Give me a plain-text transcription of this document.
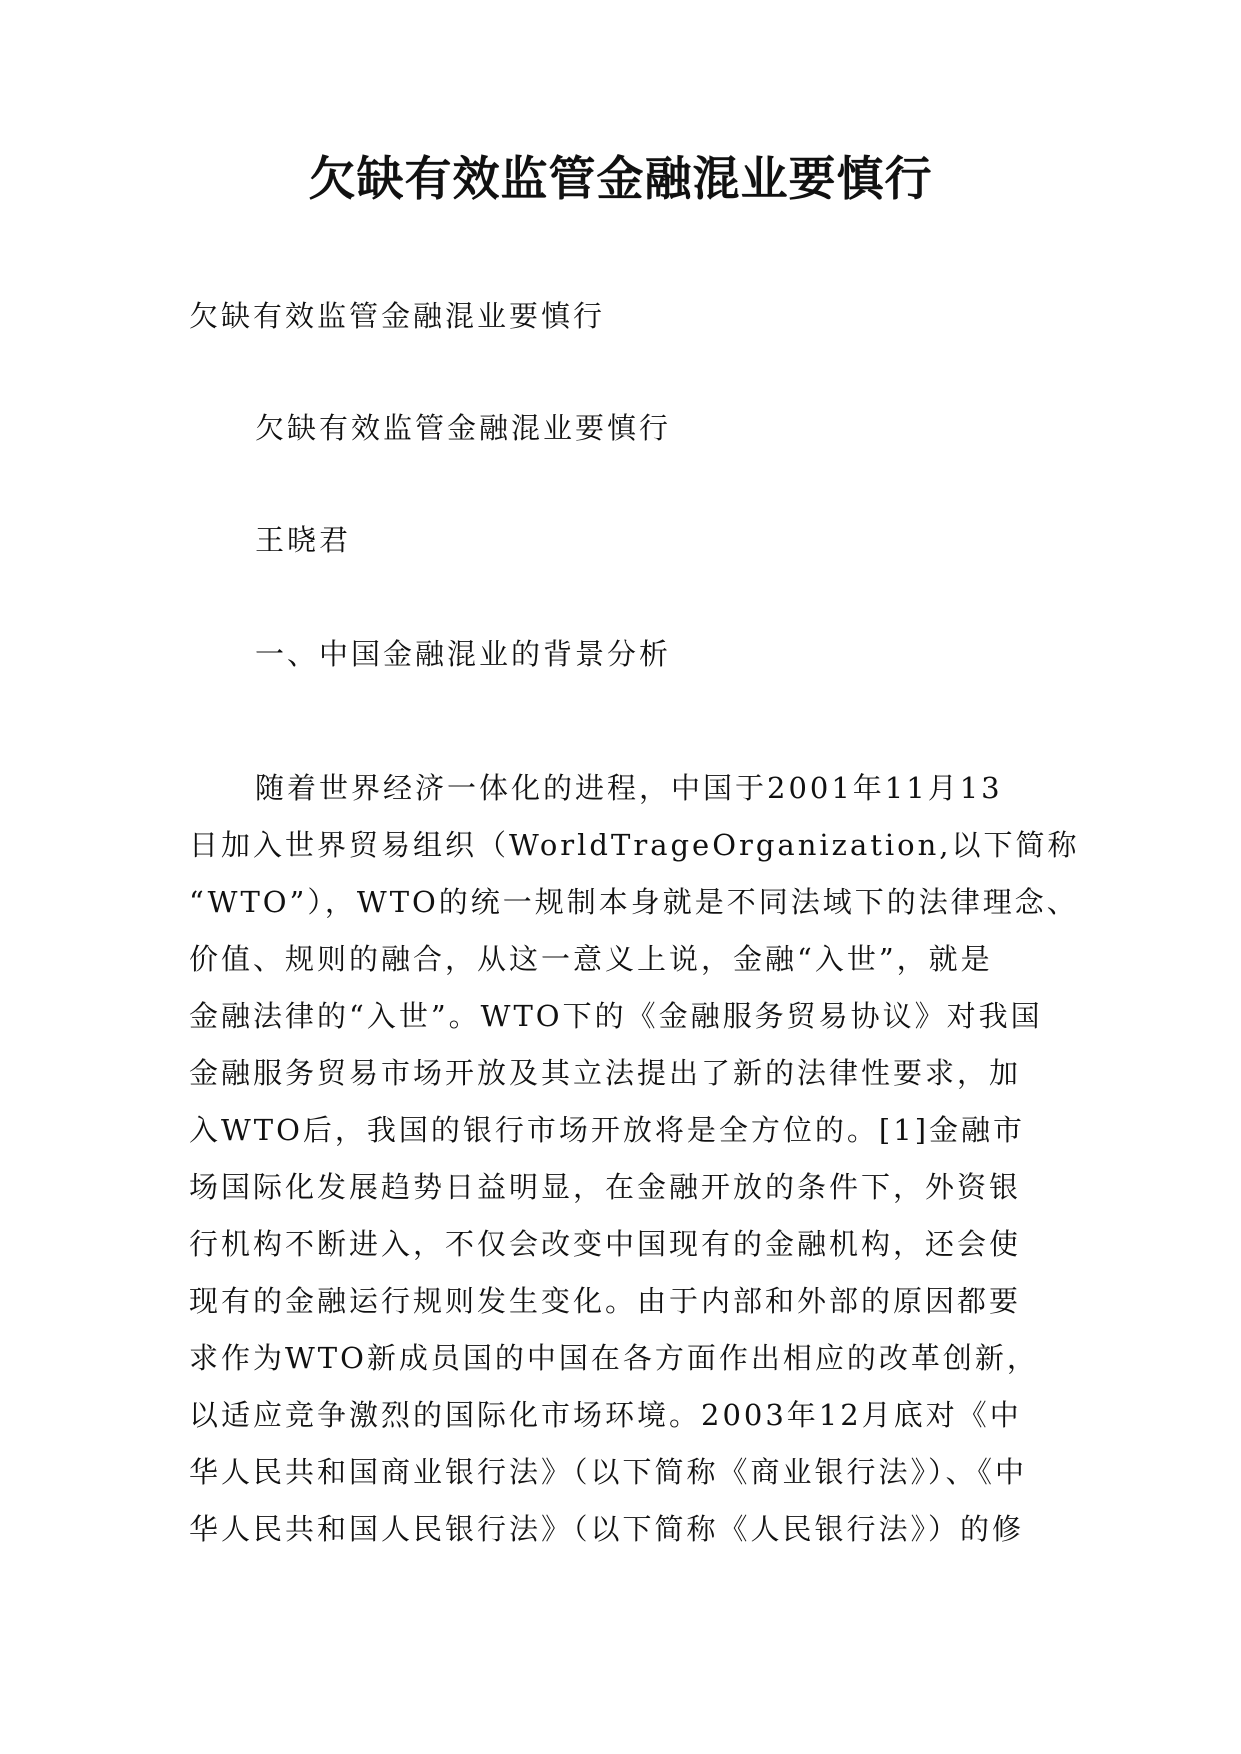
欠缺有效监管金融混业要慎行
欠缺有效监管金融混业要慎行
欠缺有效监管金融混业要慎行
王晓君
一、中国金融混业的背景分析
随着世界经济一体化的进程，中国于2001年11月13
日加入世界贸易组织（WorldTrageOrganization,以下简称
“WTO”），WTO的统一规制本身就是不同法域下的法律理念、
价值、规则的融合，从这一意义上说，金融“入世”，就是
金融法律的“入世”。WTO下的《金融服务贸易协议》对我国
金融服务贸易市场开放及其立法提出了新的法律性要求，加
入WTO后，我国的银行市场开放将是全方位的。[1]金融市
场国际化发展趋势日益明显，在金融开放的条件下，外资银
行机构不断进入，不仅会改变中国现有的金融机构，还会使
现有的金融运行规则发生变化。由于内部和外部的原因都要
求作为WTO新成员国的中国在各方面作出相应的改革创新，
以适应竞争激烈的国际化市场环境。2003年12月底对《中
华人民共和国商业银行法》（以下简称《商业银行法》）、《中
华人民共和国人民银行法》（以下简称《人民银行法》）的修
